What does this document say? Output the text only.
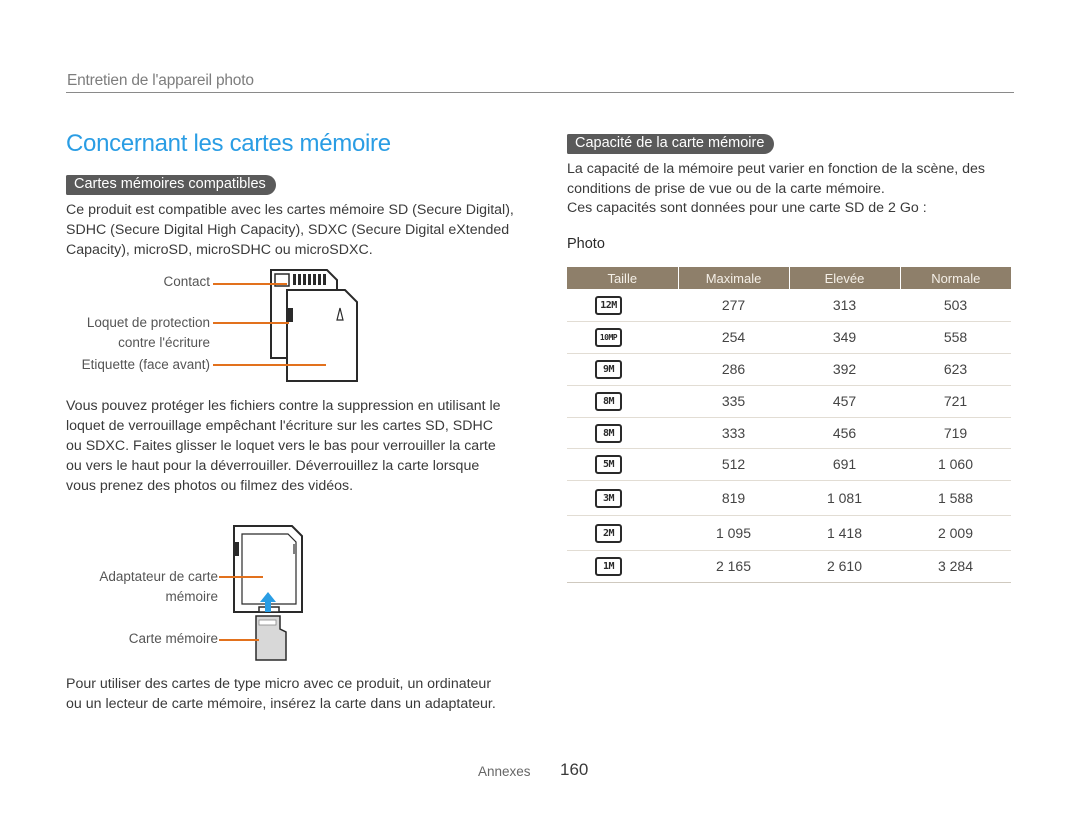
Entretien de l'appareil photo
Concernant les cartes mémoire
Cartes mémoires compatibles
Ce produit est compatible avec les cartes mémoire SD (Secure Digital), SDHC (Secure Digital High Capacity), SDXC (Secure Digital eXtended Capacity), microSD, microSDHC ou microSDXC.
Contact
Loquet de protection
contre l'écriture
Etiquette (face avant)
Vous pouvez protéger les fichiers contre la suppression en utilisant le loquet de verrouillage empêchant l'écriture sur les cartes SD, SDHC ou SDXC. Faites glisser le loquet vers le bas pour verrouiller la carte ou vers le haut pour la déverrouiller. Déverrouillez la carte lorsque vous prenez des photos ou filmez des vidéos.
Adaptateur de carte
mémoire
Carte mémoire
Pour utiliser des cartes de type micro avec ce produit, un ordinateur ou un lecteur de carte mémoire, insérez la carte dans un adaptateur.
Capacité de la carte mémoire
La capacité de la mémoire peut varier en fonction de la scène, des conditions de prise de vue ou de la carte mémoire.
Ces capacités sont données pour une carte SD de 2 Go :
Photo
Taille	Maximale	Elevée	Normale
12M	277	313	503
10MP	254	349	558
9M	286	392	623
8M	335	457	721
8M	333	456	719
5M	512	691	1 060
3M	819	1 081	1 588
2M	1 095	1 418	2 009
1M	2 165	2 610	3 284
Annexes 160
